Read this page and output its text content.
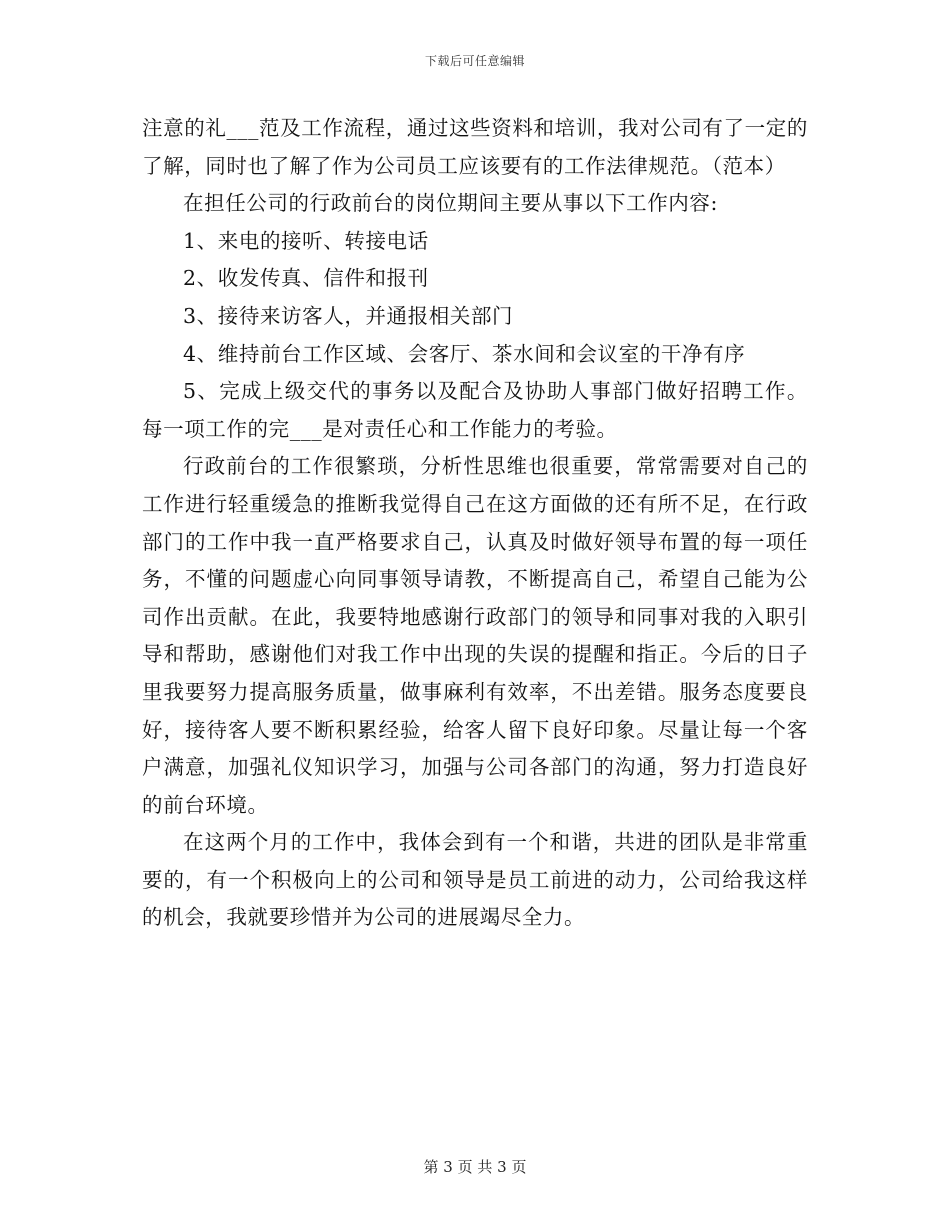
下载后可任意编辑

注意的礼___范及工作流程，通过这些资料和培训，我对公司有了一定的了解，同时也了解了作为公司员工应该要有的工作法律规范。（范本）

在担任公司的行政前台的岗位期间主要从事以下工作内容:

1、来电的接听、转接电话

2、收发传真、信件和报刊

3、接待来访客人，并通报相关部门

4、维持前台工作区域、会客厅、茶水间和会议室的干净有序

5、完成上级交代的事务以及配合及协助人事部门做好招聘工作。每一项工作的完___是对责任心和工作能力的考验。

行政前台的工作很繁琐，分析性思维也很重要，常常需要对自己的工作进行轻重缓急的推断我觉得自己在这方面做的还有所不足，在行政部门的工作中我一直严格要求自己，认真及时做好领导布置的每一项任务，不懂的问题虚心向同事领导请教，不断提高自己，希望自己能为公司作出贡献。在此，我要特地感谢行政部门的领导和同事对我的入职引导和帮助，感谢他们对我工作中出现的失误的提醒和指正。今后的日子里我要努力提高服务质量，做事麻利有效率，不出差错。服务态度要良好，接待客人要不断积累经验，给客人留下良好印象。尽量让每一个客户满意，加强礼仪知识学习，加强与公司各部门的沟通，努力打造良好的前台环境。

在这两个月的工作中，我体会到有一个和谐，共进的团队是非常重要的，有一个积极向上的公司和领导是员工前进的动力，公司给我这样的机会，我就要珍惜并为公司的进展竭尽全力。

第 3 页 共 3 页
